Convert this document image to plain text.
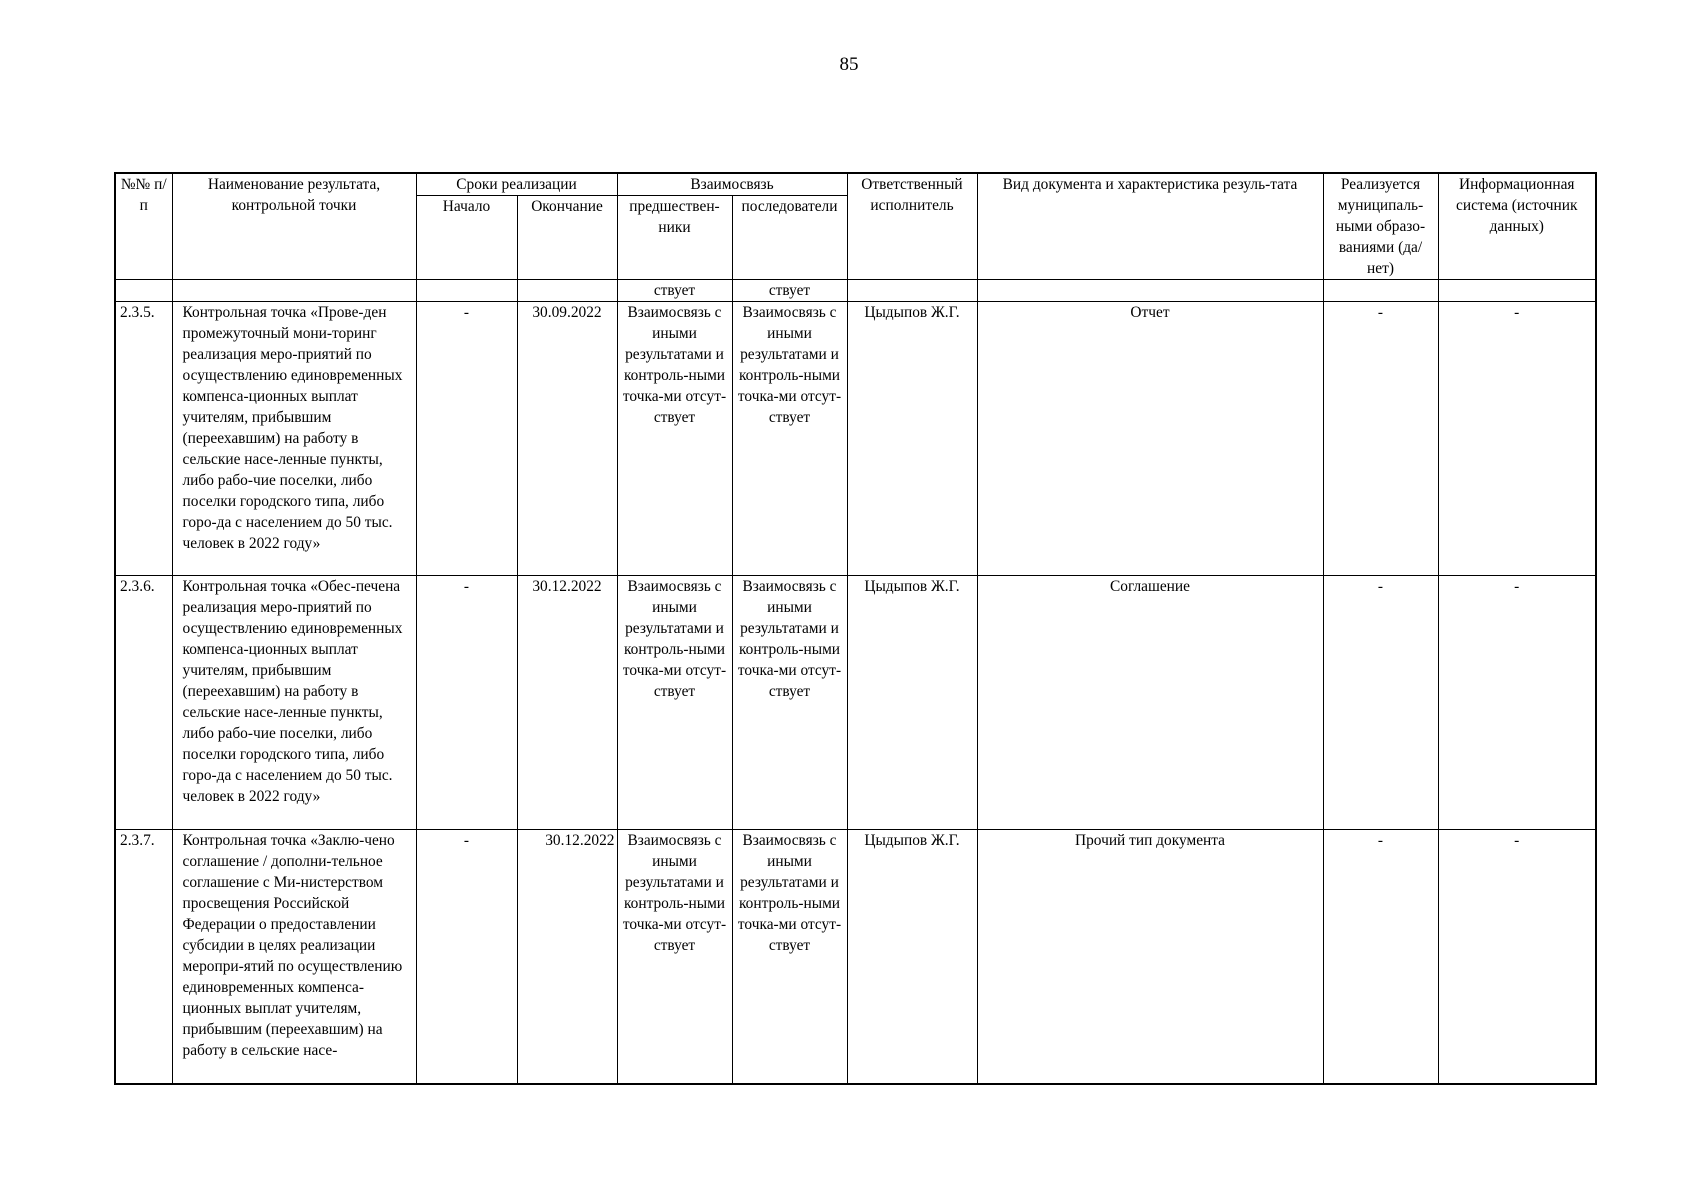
85
№№ п/п	Наименование результата, контрольной точки	Сроки реализации		Взаимосвязь		Ответственный исполнитель	Вид документа и характеристика резуль-тата	Реализуется муниципаль-ными образо-ваниями (да/нет)	Информационная система (источник данных)
		Начало	Окончание	предшествен-ники	последователи				
				ствует	ствует				
2.3.5.	Контрольная точка «Прове-ден промежуточный мони-торинг реализация меро-приятий по осуществлению единовременных компенса-ционных выплат учителям, прибывшим (переехавшим) на работу в сельские насе-ленные пункты, либо рабо-чие поселки, либо поселки городского типа, либо горо-да с населением до 50 тыс. человек в 2022 году»	-	30.09.2022	Взаимосвязь с иными результатами и контроль-ными точка-ми отсут-ствует	Взаимосвязь с иными результатами и контроль-ными точка-ми отсут-ствует	Цыдыпов Ж.Г.	Отчет	-	-
2.3.6.	Контрольная точка «Обес-печена реализация меро-приятий по осуществлению единовременных компенса-ционных выплат учителям, прибывшим (переехавшим) на работу в сельские насе-ленные пункты, либо рабо-чие поселки, либо поселки городского типа, либо горо-да с населением до 50 тыс. человек в 2022 году»	-	30.12.2022	Взаимосвязь с иными результатами и контроль-ными точка-ми отсут-ствует	Взаимосвязь с иными результатами и контроль-ными точка-ми отсут-ствует	Цыдыпов Ж.Г.	Соглашение	-	-
2.3.7.	Контрольная точка «Заклю-чено соглашение / дополни-тельное соглашение с Ми-нистерством просвещения Российской Федерации о предоставлении субсидии в целях реализации меропри-ятий по осуществлению единовременных компенса-ционных выплат учителям, прибывшим (переехавшим) на работу в сельские насе-	-	30.12.2022	Взаимосвязь с иными результатами и контроль-ными точка-ми отсут-ствует	Взаимосвязь с иными результатами и контроль-ными точка-ми отсут-ствует	Цыдыпов Ж.Г.	Прочий тип документа	-	-
